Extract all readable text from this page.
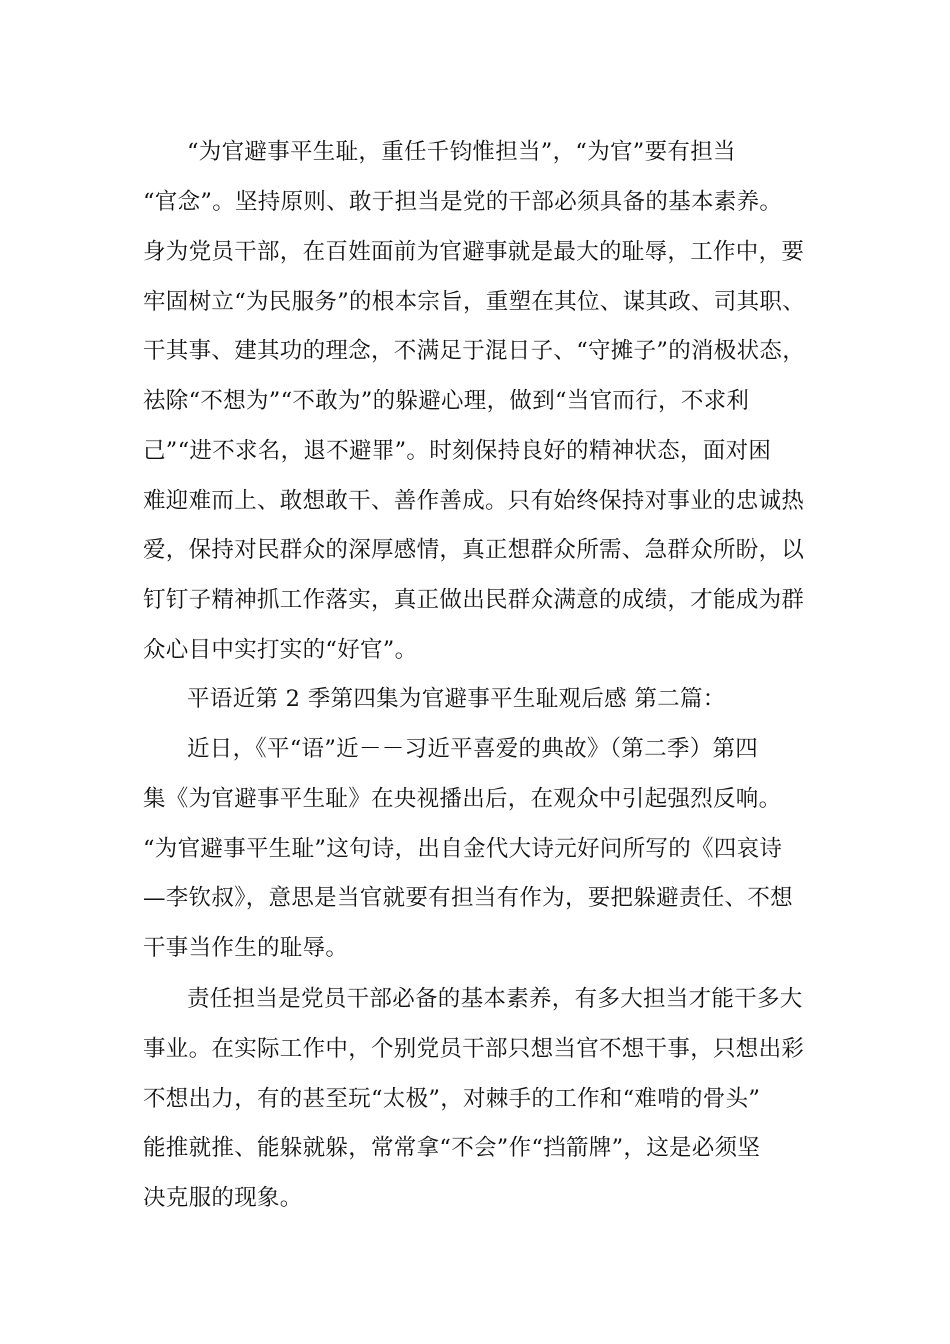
“为官避事平生耻，重任千钧惟担当”，“为官”要有担当
“官念”。坚持原则、敢于担当是党的干部必须具备的基本素养。
身为党员干部，在百姓面前为官避事就是最大的耻辱，工作中，要
牢固树立“为民服务”的根本宗旨，重塑在其位、谋其政、司其职、
干其事、建其功的理念，不满足于混日子、“守摊子”的消极状态，
祛除“不想为”“不敢为”的躲避心理，做到“当官而行，不求利
己”“进不求名，退不避罪”。时刻保持良好的精神状态，面对困
难迎难而上、敢想敢干、善作善成。只有始终保持对事业的忠诚热
爱，保持对民群众的深厚感情，真正想群众所需、急群众所盼，以
钉钉子精神抓工作落实，真正做出民群众满意的成绩，才能成为群
众心目中实打实的“好官”。
平语近第 2 季第四集为官避事平生耻观后感 第二篇：
近日，《平“语”近－－习近平喜爱的典故》（第二季）第四
集《为官避事平生耻》在央视播出后，在观众中引起强烈反响。
“为官避事平生耻”这句诗，出自金代大诗元好问所写的《四哀诗
—李钦叔》，意思是当官就要有担当有作为，要把躲避责任、不想
干事当作生的耻辱。
责任担当是党员干部必备的基本素养，有多大担当才能干多大
事业。在实际工作中，个别党员干部只想当官不想干事，只想出彩
不想出力，有的甚至玩“太极”，对棘手的工作和“难啃的骨头”
能推就推、能躲就躲，常常拿“不会”作“挡箭牌”，这是必须坚
决克服的现象。
